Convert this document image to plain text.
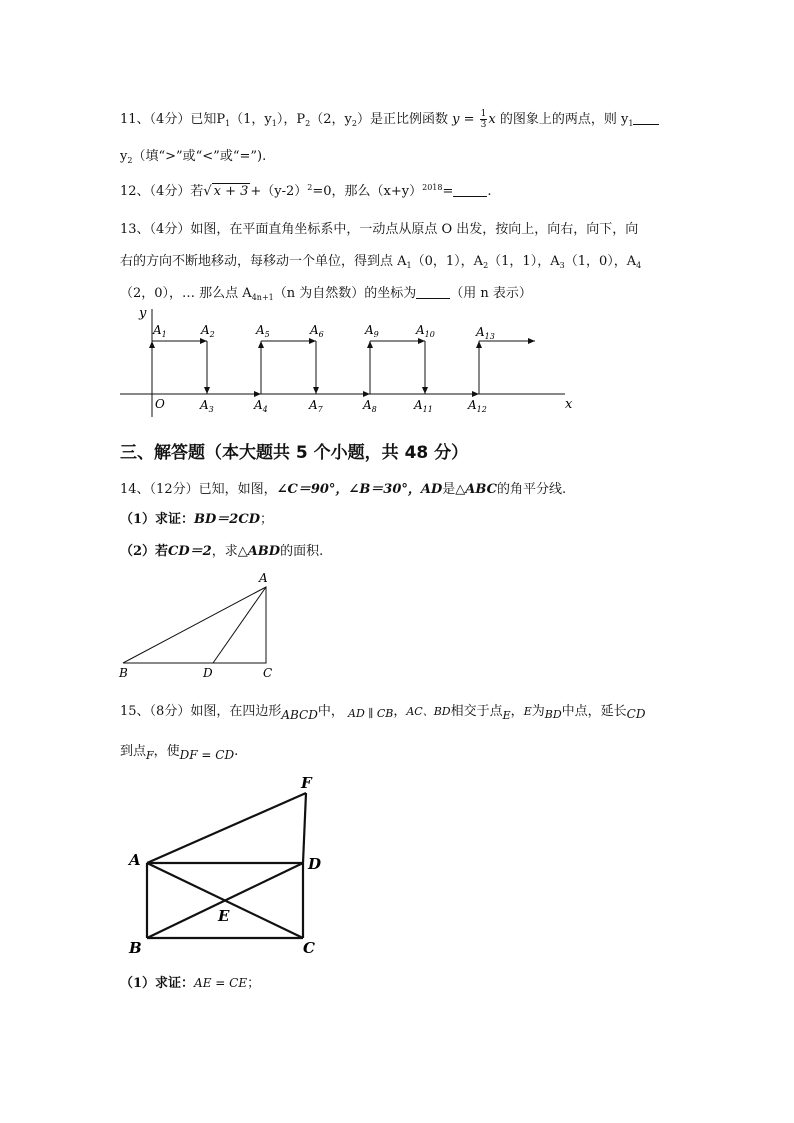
11、（4分）已知$P_1(1$，$y_1$），$P_2(2$，$y_2$）是正比例函数 $y = \frac{1}{3}$ x 的图象上的两点，则 $y_1$
$y_2$（填“>”或“<”或“=”).
12、（4分）若√ $x + 3 +(y-2)^2=0$，那么$(x+y)^{2018}=$	.
13、（4分）如图，在平面直角坐标系中，一动点从原点 O 出发，按向上，向右，向下，向
右的方向不断地移动，每移动一个单位，得到点 $A_1(0$，1），$A_2(1$，1），$A_3(1$，0），$A_4$
（2，0），… 那么点 $A_{4n+1}(n$ 为自然数）的坐标为	（用 n 表示）
y
x
O
$A_1$	$A_2$	$A_5$	$A_6$	$A_9$	$A_{10}$	$A_{13}$
$A_3$	$A_4$	$A_7$	$A_8$	$A_{11}$	$A_{12}$
三、解答题（本大题共 5 个小题，共 48 分）
14、（12分）已知，如图，∠C＝90°，∠B＝30°，AD是△ABC的角平分线.
（1）求证：BD＝2CD；
（2）若CD＝2，求△ABD的面积.
A
B	D	C
15、（8分）如图，在四边形ABCD中， AD ∥ CB，AC、BD相交于点$_E$，E为$_{BD}$中点，延长CD
到点$_F$，使DF = CD.
F
A	D
E
B	C
（1）求证：AE = CE；
